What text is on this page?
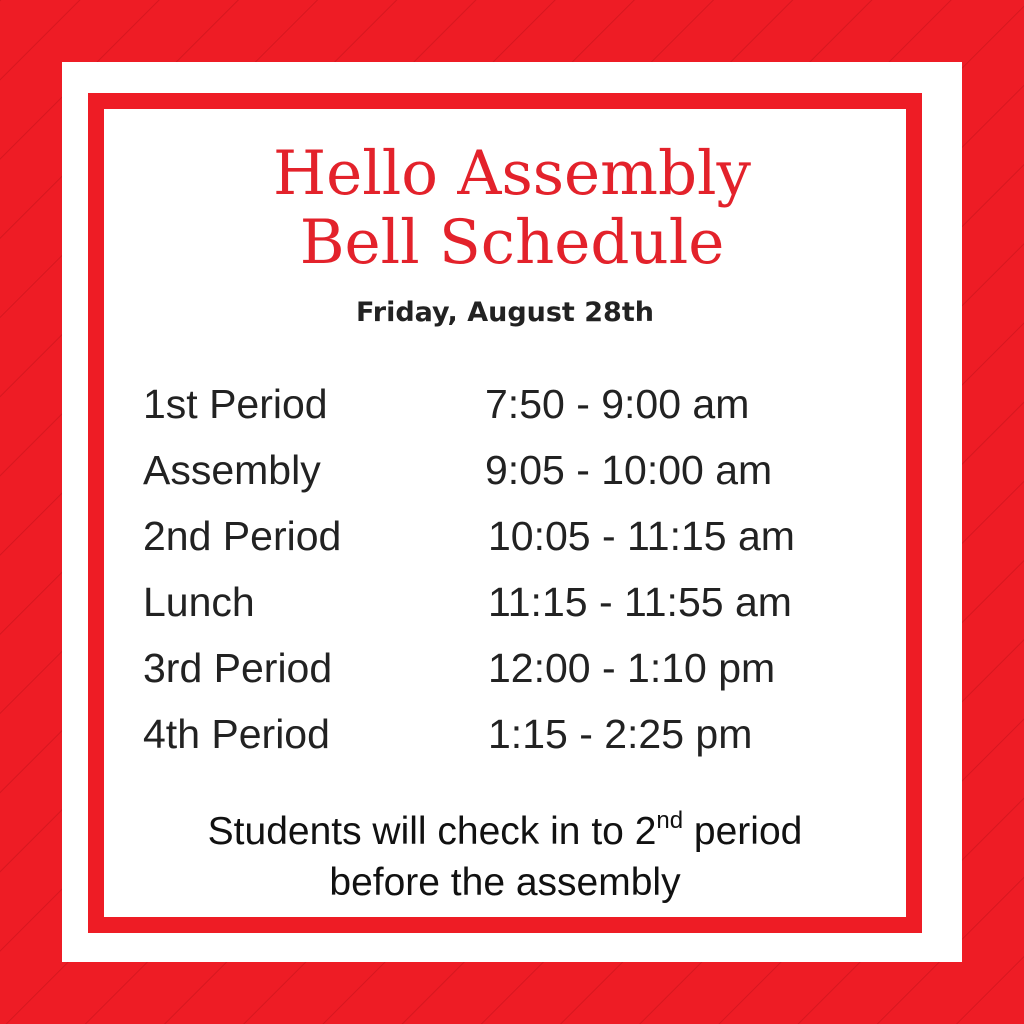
Hello Assembly
Bell Schedule
Friday, August 28th
1st Period	7:50 - 9:00 am
Assembly	9:05 - 10:00 am
2nd Period	10:05 - 11:15 am
Lunch	11:15 - 11:55 am
3rd Period	12:00 - 1:10 pm
4th Period	1:15 - 2:25 pm

Students will check in to 2nd period

before the assembly
